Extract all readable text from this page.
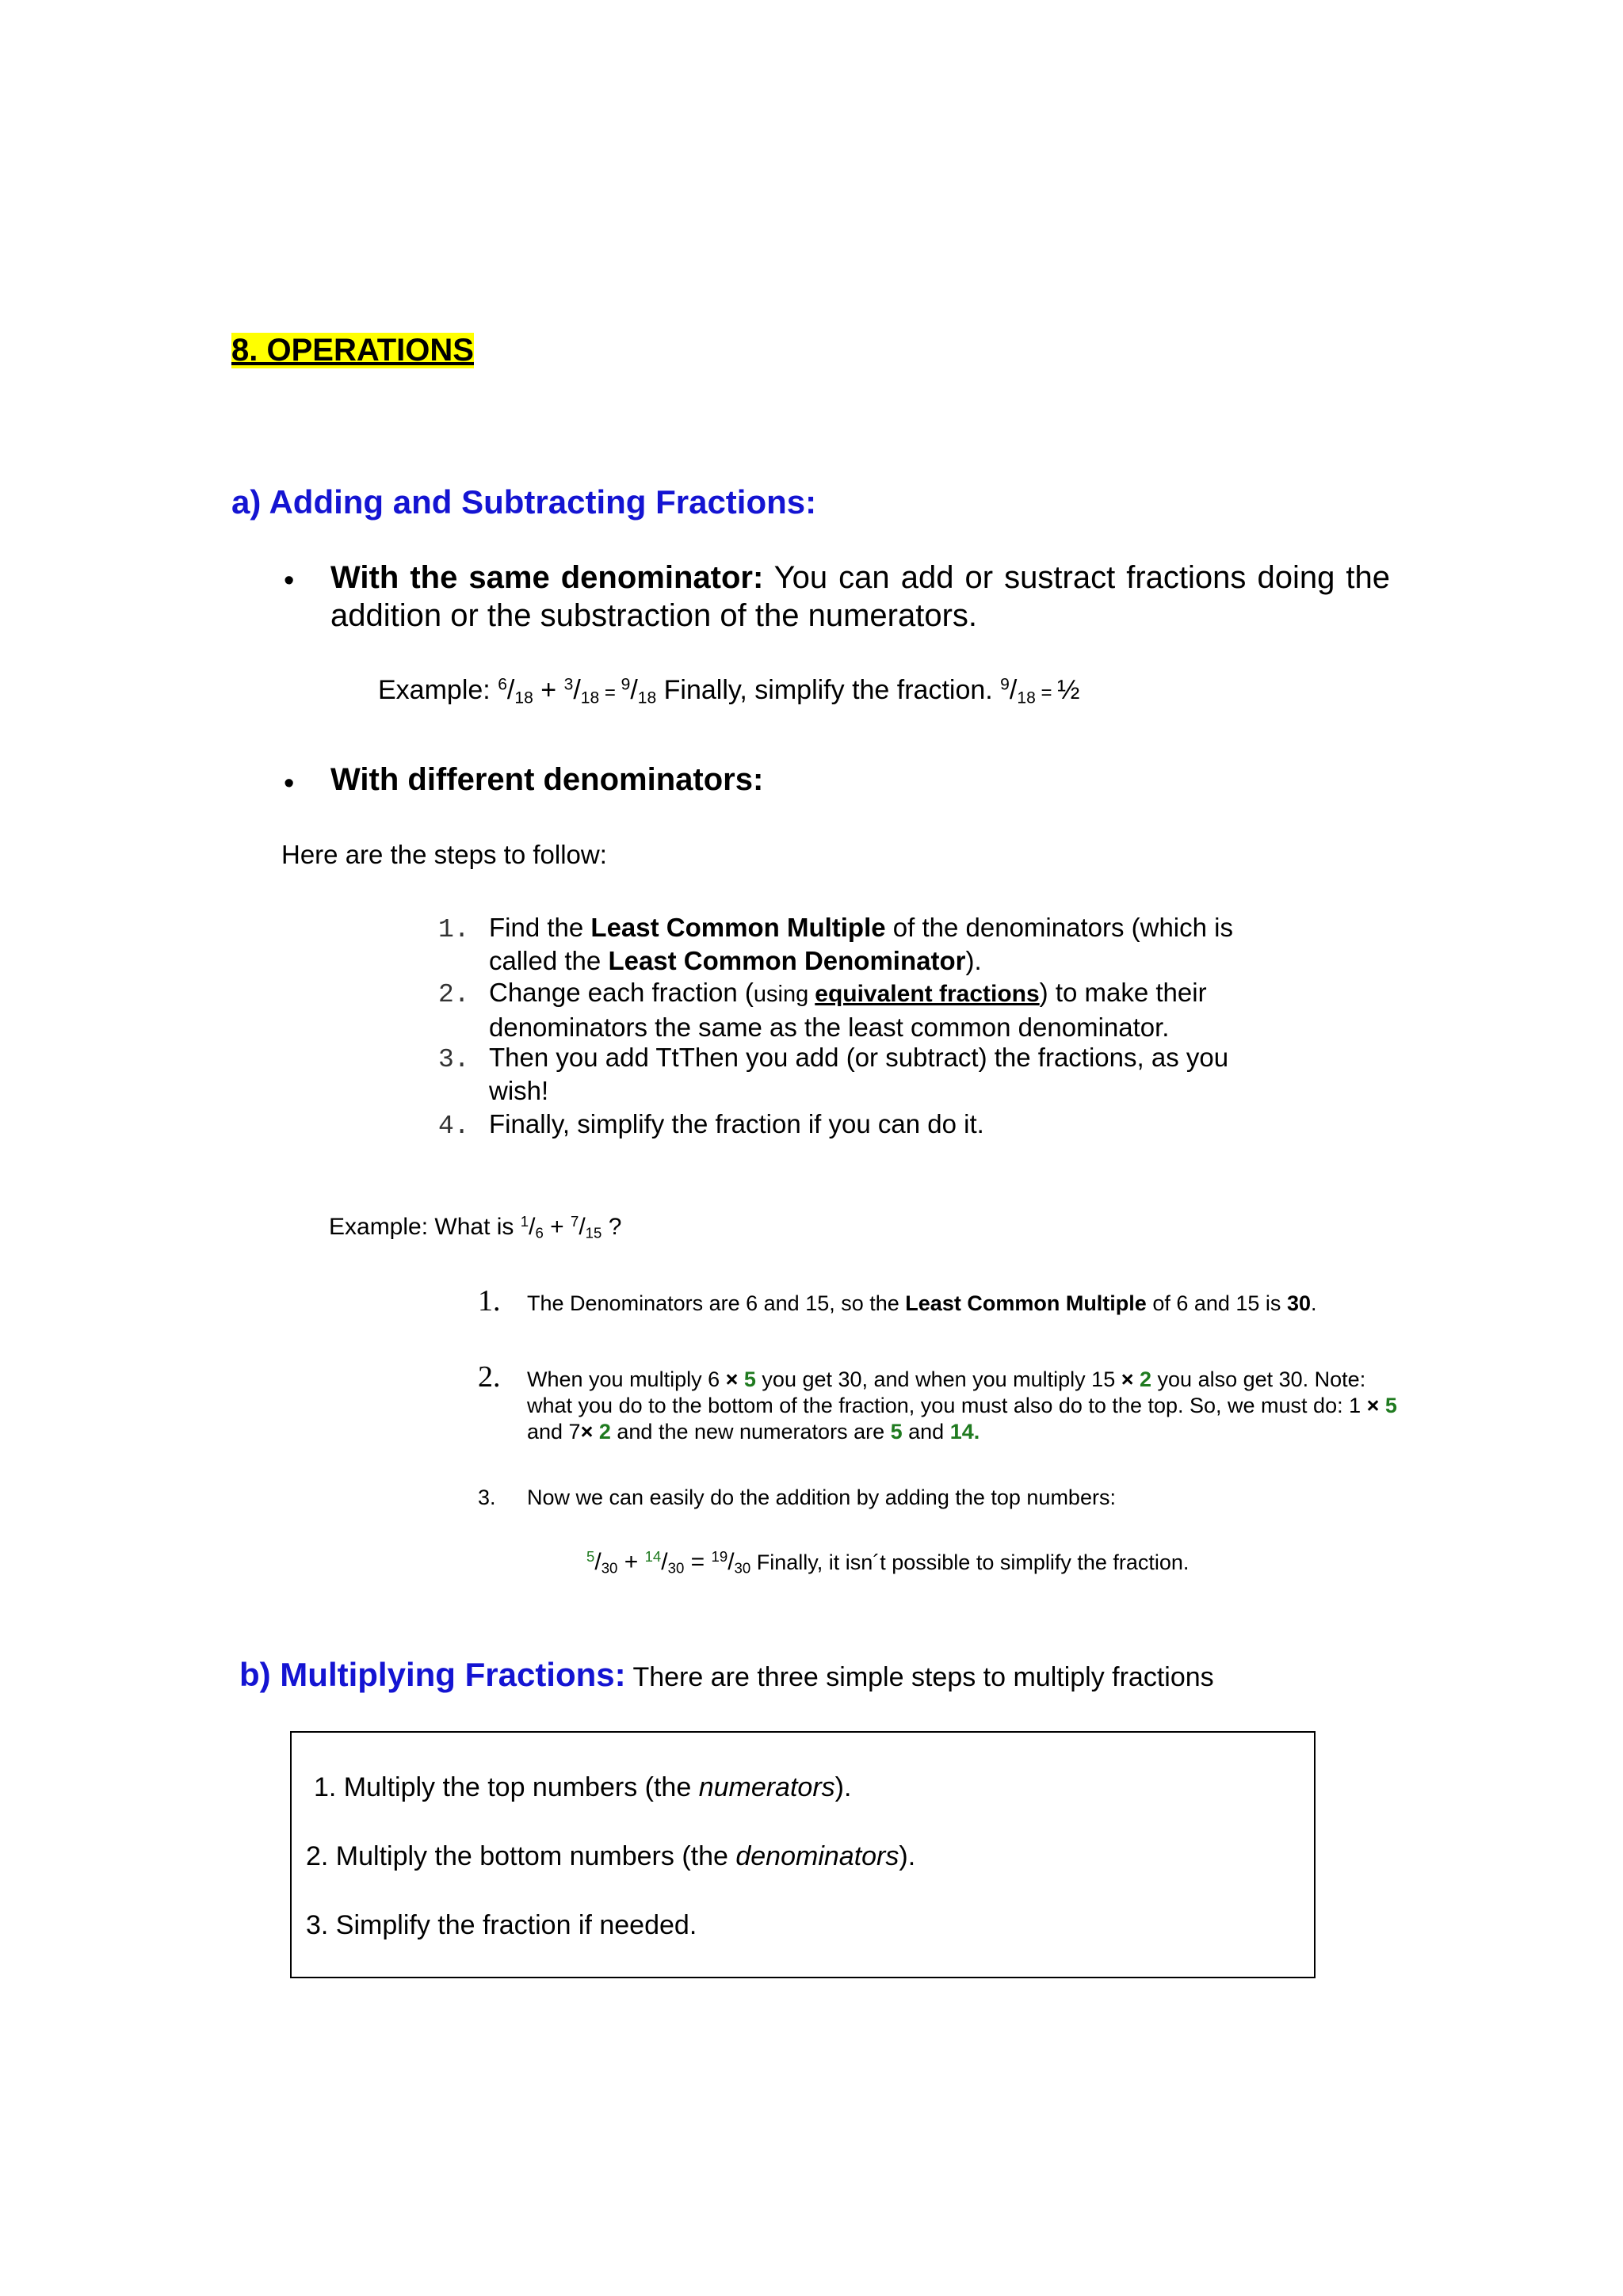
8. OPERATIONS
a) Adding and Subtracting Fractions:
• With the same denominator: You can add or sustract fractions doing the addition or the substraction of the numerators.
Example: $^6/_{18} + ^3/_{18} = ^9/_{18}$ Finally, simplify the fraction. $^9/_{18}$ = ½
• With different denominators:
Here are the steps to follow:
1. Find the Least Common Multiple of the denominators (which is called the Least Common Denominator).
2. Change each fraction (using equivalent fractions) to make their denominators the same as the least common denominator.
3. Then you add TtThen you add (or subtract) the fractions, as you wish!
4. Finally, simplify the fraction if you can do it.
Example: What is $^1/_6 + ^7/_{15}$ ?
1. The Denominators are 6 and 15, so the Least Common Multiple of 6 and 15 is 30.
2. When you multiply 6 × 5 you get 30, and when you multiply 15 × 2 you also get 30. Note: what you do to the bottom of the fraction, you must also do to the top. So, we must do: 1 × 5 and 7× 2 and the new numerators are 5 and 14.
3. Now we can easily do the addition by adding the top numbers:
$^5/_{30} + ^{14}/_{30} = ^{19}/_{30}$ Finally, it isn´t possible to simplify the fraction.
b) Multiplying Fractions: There are three simple steps to multiply fractions
1. Multiply the top numbers (the numerators).
2. Multiply the bottom numbers (the denominators).
3. Simplify the fraction if needed.
